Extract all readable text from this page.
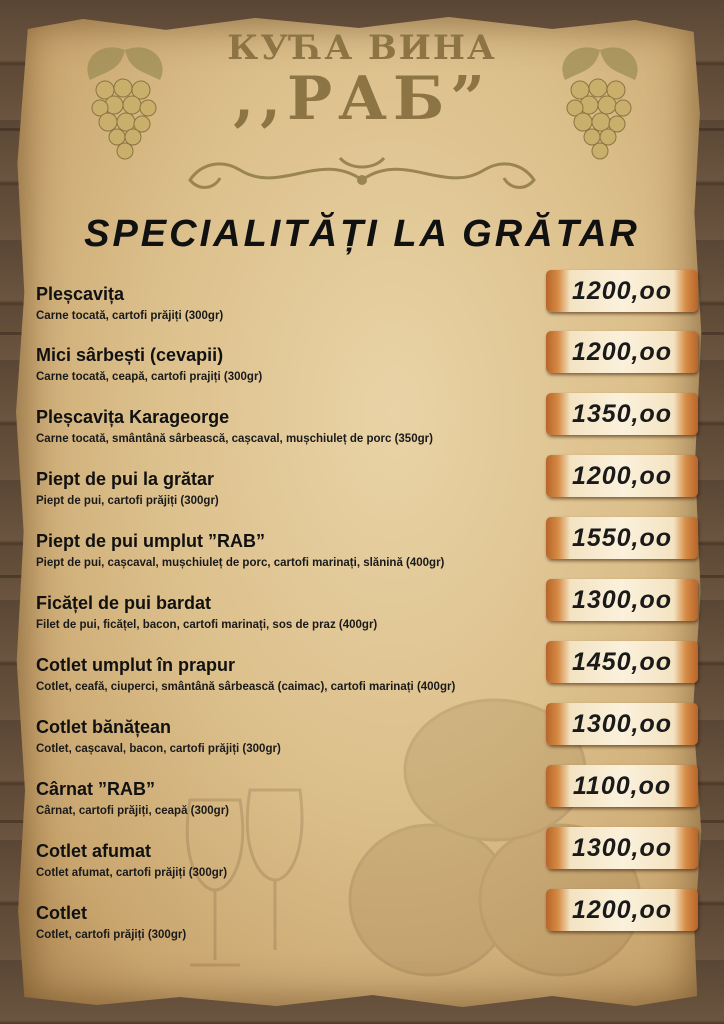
КУЋА ВИНА
,,РАБ”
SPECIALITĂȚI LA GRĂTAR
Pleșcavița
Carne tocată, cartofi prăjiți (300gr)
1200,oo
Mici sârbești (cevapii)
Carne tocată, ceapă, cartofi prajiți (300gr)
1200,oo
Pleșcavița Karageorge
Carne tocată, smântână sârbească, cașcaval, mușchiuleț de porc (350gr)
1350,oo
Piept de pui la grătar
Piept de pui, cartofi prăjiți (300gr)
1200,oo
Piept de pui umplut ”RAB”
Piept de pui, cașcaval, mușchiuleț de porc, cartofi marinați, slănină (400gr)
1550,oo
Ficățel de pui bardat
Filet de pui, ficățel, bacon, cartofi marinați, sos de praz (400gr)
1300,oo
Cotlet umplut în prapur
Cotlet, ceafă, ciuperci, smântână sârbească (caimac), cartofi marinați (400gr)
1450,oo
Cotlet bănățean
Cotlet, cașcaval, bacon, cartofi prăjiți (300gr)
1300,oo
Cârnat ”RAB”
Cârnat, cartofi prăjiți, ceapă (300gr)
1100,oo
Cotlet afumat
Cotlet afumat, cartofi prăjiți (300gr)
1300,oo
Cotlet
Cotlet, cartofi prăjiți (300gr)
1200,oo
